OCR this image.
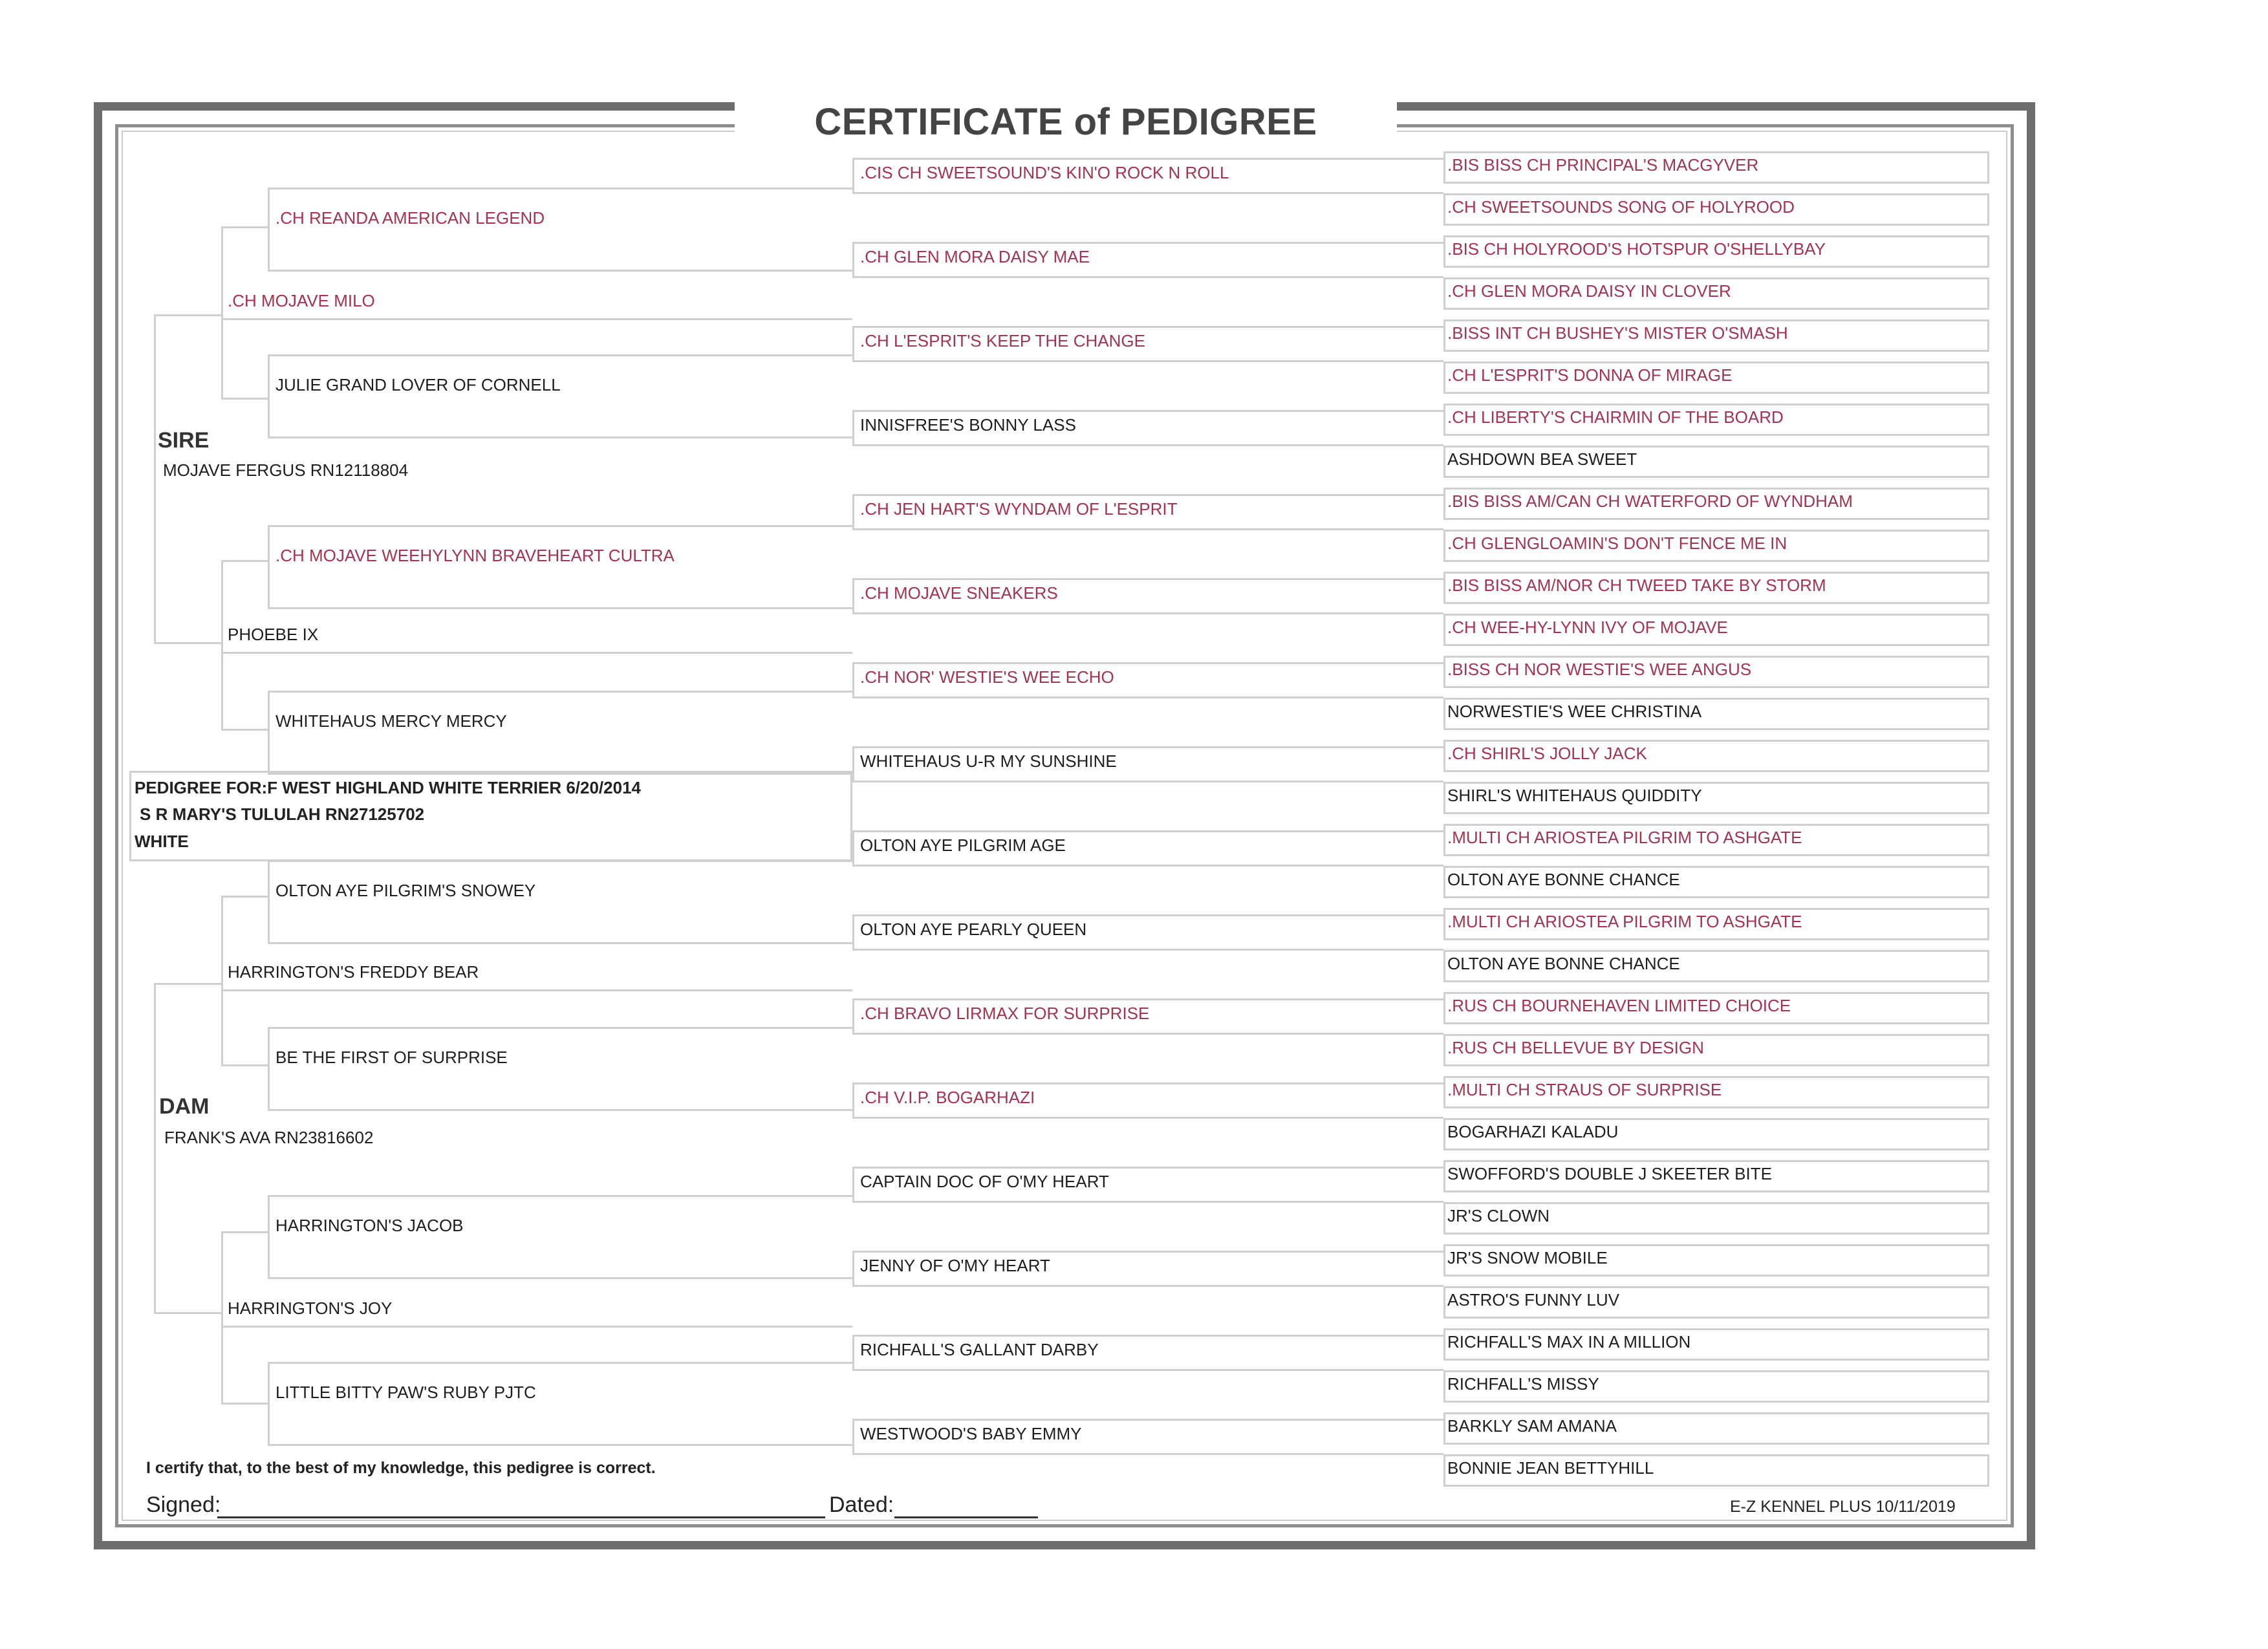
CERTIFICATE of PEDIGREE
.BIS BISS CH PRINCIPAL'S MACGYVER
.CH SWEETSOUNDS SONG OF HOLYROOD
.BIS CH HOLYROOD'S HOTSPUR O'SHELLYBAY
.CH GLEN MORA DAISY IN CLOVER
.BISS INT CH BUSHEY'S MISTER O'SMASH
.CH L'ESPRIT'S DONNA OF MIRAGE
.CH LIBERTY'S CHAIRMIN OF THE BOARD
ASHDOWN BEA SWEET
.BIS BISS AM/CAN CH WATERFORD OF WYNDHAM
.CH GLENGLOAMIN'S DON'T FENCE ME IN
.BIS BISS AM/NOR CH TWEED TAKE BY STORM
.CH WEE-HY-LYNN IVY OF MOJAVE
.BISS CH NOR WESTIE'S WEE ANGUS
NORWESTIE'S WEE CHRISTINA
.CH SHIRL'S JOLLY JACK
SHIRL'S WHITEHAUS QUIDDITY
.MULTI CH ARIOSTEA PILGRIM TO ASHGATE
OLTON AYE BONNE CHANCE
.MULTI CH ARIOSTEA PILGRIM TO ASHGATE
OLTON AYE BONNE CHANCE
.RUS CH BOURNEHAVEN LIMITED CHOICE
.RUS CH BELLEVUE BY DESIGN
.MULTI CH STRAUS OF SURPRISE
BOGARHAZI KALADU
SWOFFORD'S DOUBLE J SKEETER BITE
JR'S CLOWN
JR'S SNOW MOBILE
ASTRO'S FUNNY LUV
RICHFALL'S MAX IN A MILLION
RICHFALL'S MISSY
BARKLY SAM AMANA
BONNIE JEAN BETTYHILL
.CIS CH SWEETSOUND'S KIN'O ROCK N ROLL
.CH GLEN MORA DAISY MAE
.CH L'ESPRIT'S KEEP THE CHANGE
INNISFREE'S BONNY LASS
.CH JEN HART'S WYNDAM OF L'ESPRIT
.CH MOJAVE SNEAKERS
.CH NOR' WESTIE'S WEE ECHO
WHITEHAUS U-R MY SUNSHINE
OLTON AYE PILGRIM AGE
OLTON AYE PEARLY QUEEN
.CH BRAVO LIRMAX FOR SURPRISE
.CH V.I.P. BOGARHAZI
CAPTAIN DOC OF O'MY HEART
JENNY OF O'MY HEART
RICHFALL'S GALLANT DARBY
WESTWOOD'S BABY EMMY
.CH REANDA AMERICAN LEGEND
JULIE GRAND LOVER OF CORNELL
.CH MOJAVE WEEHYLYNN BRAVEHEART CULTRA
WHITEHAUS MERCY MERCY
OLTON AYE PILGRIM'S SNOWEY
BE THE FIRST OF SURPRISE
HARRINGTON'S JACOB
LITTLE BITTY PAW'S RUBY PJTC
.CH MOJAVE MILO
PHOEBE IX
HARRINGTON'S FREDDY BEAR
HARRINGTON'S JOY
SIRE
MOJAVE FERGUS RN12118804
DAM
FRANK'S AVA RN23816602
PEDIGREE FOR:F WEST HIGHLAND WHITE TERRIER 6/20/2014
S R MARY'S TULULAH RN27125702
WHITE
I certify that, to the best of my knowledge, this pedigree is correct.
Signed:	Dated:	E-Z KENNEL PLUS 10/11/2019
